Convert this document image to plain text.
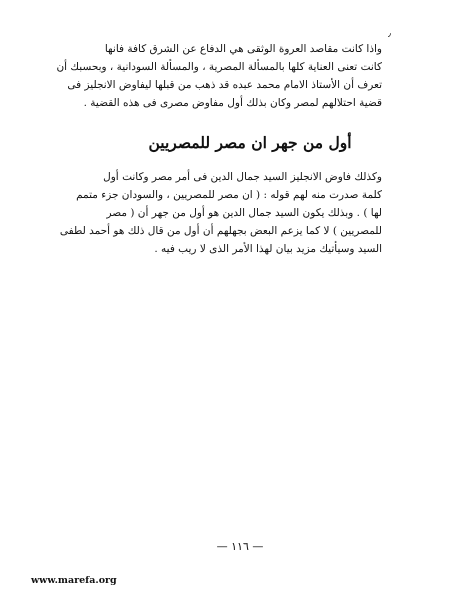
٫
واذا كانت مقاصد العروة الوثقى هي الدفاع عن الشرق كافة فانها
كانت تعنى العناية كلها بالمسألة المصرية ، والمسألة السودانية ، وبحسبك أن
تعرف أن الأستاذ الامام محمد عبده قد ذهب من قبلها ليفاوض الانجليز فى
قضية احتلالهم لمصر وكان بذلك أول مفاوض مصرى فى هذه القضية .
أول من جهر ان مصر للمصريين
وكذلك فاوض الانجليز السيد جمال الدين فى أمر مصر وكانت أول
كلمة صدرت منه لهم قوله : ( ان مصر للمصريين ، والسودان جزء متمم
لها ) . وبذلك يكون السيد جمال الدين هو أول من جهر أن ( مصر
للمصريين ) لا كما يزعم البعض بجهلهم أن أول من قال ذلك هو أحمد لطفى
السيد وسيأتيك مزيد بيان لهذا الأمر الذى لا ريب فيه .
— ١١٦ —
www.marefa.org
